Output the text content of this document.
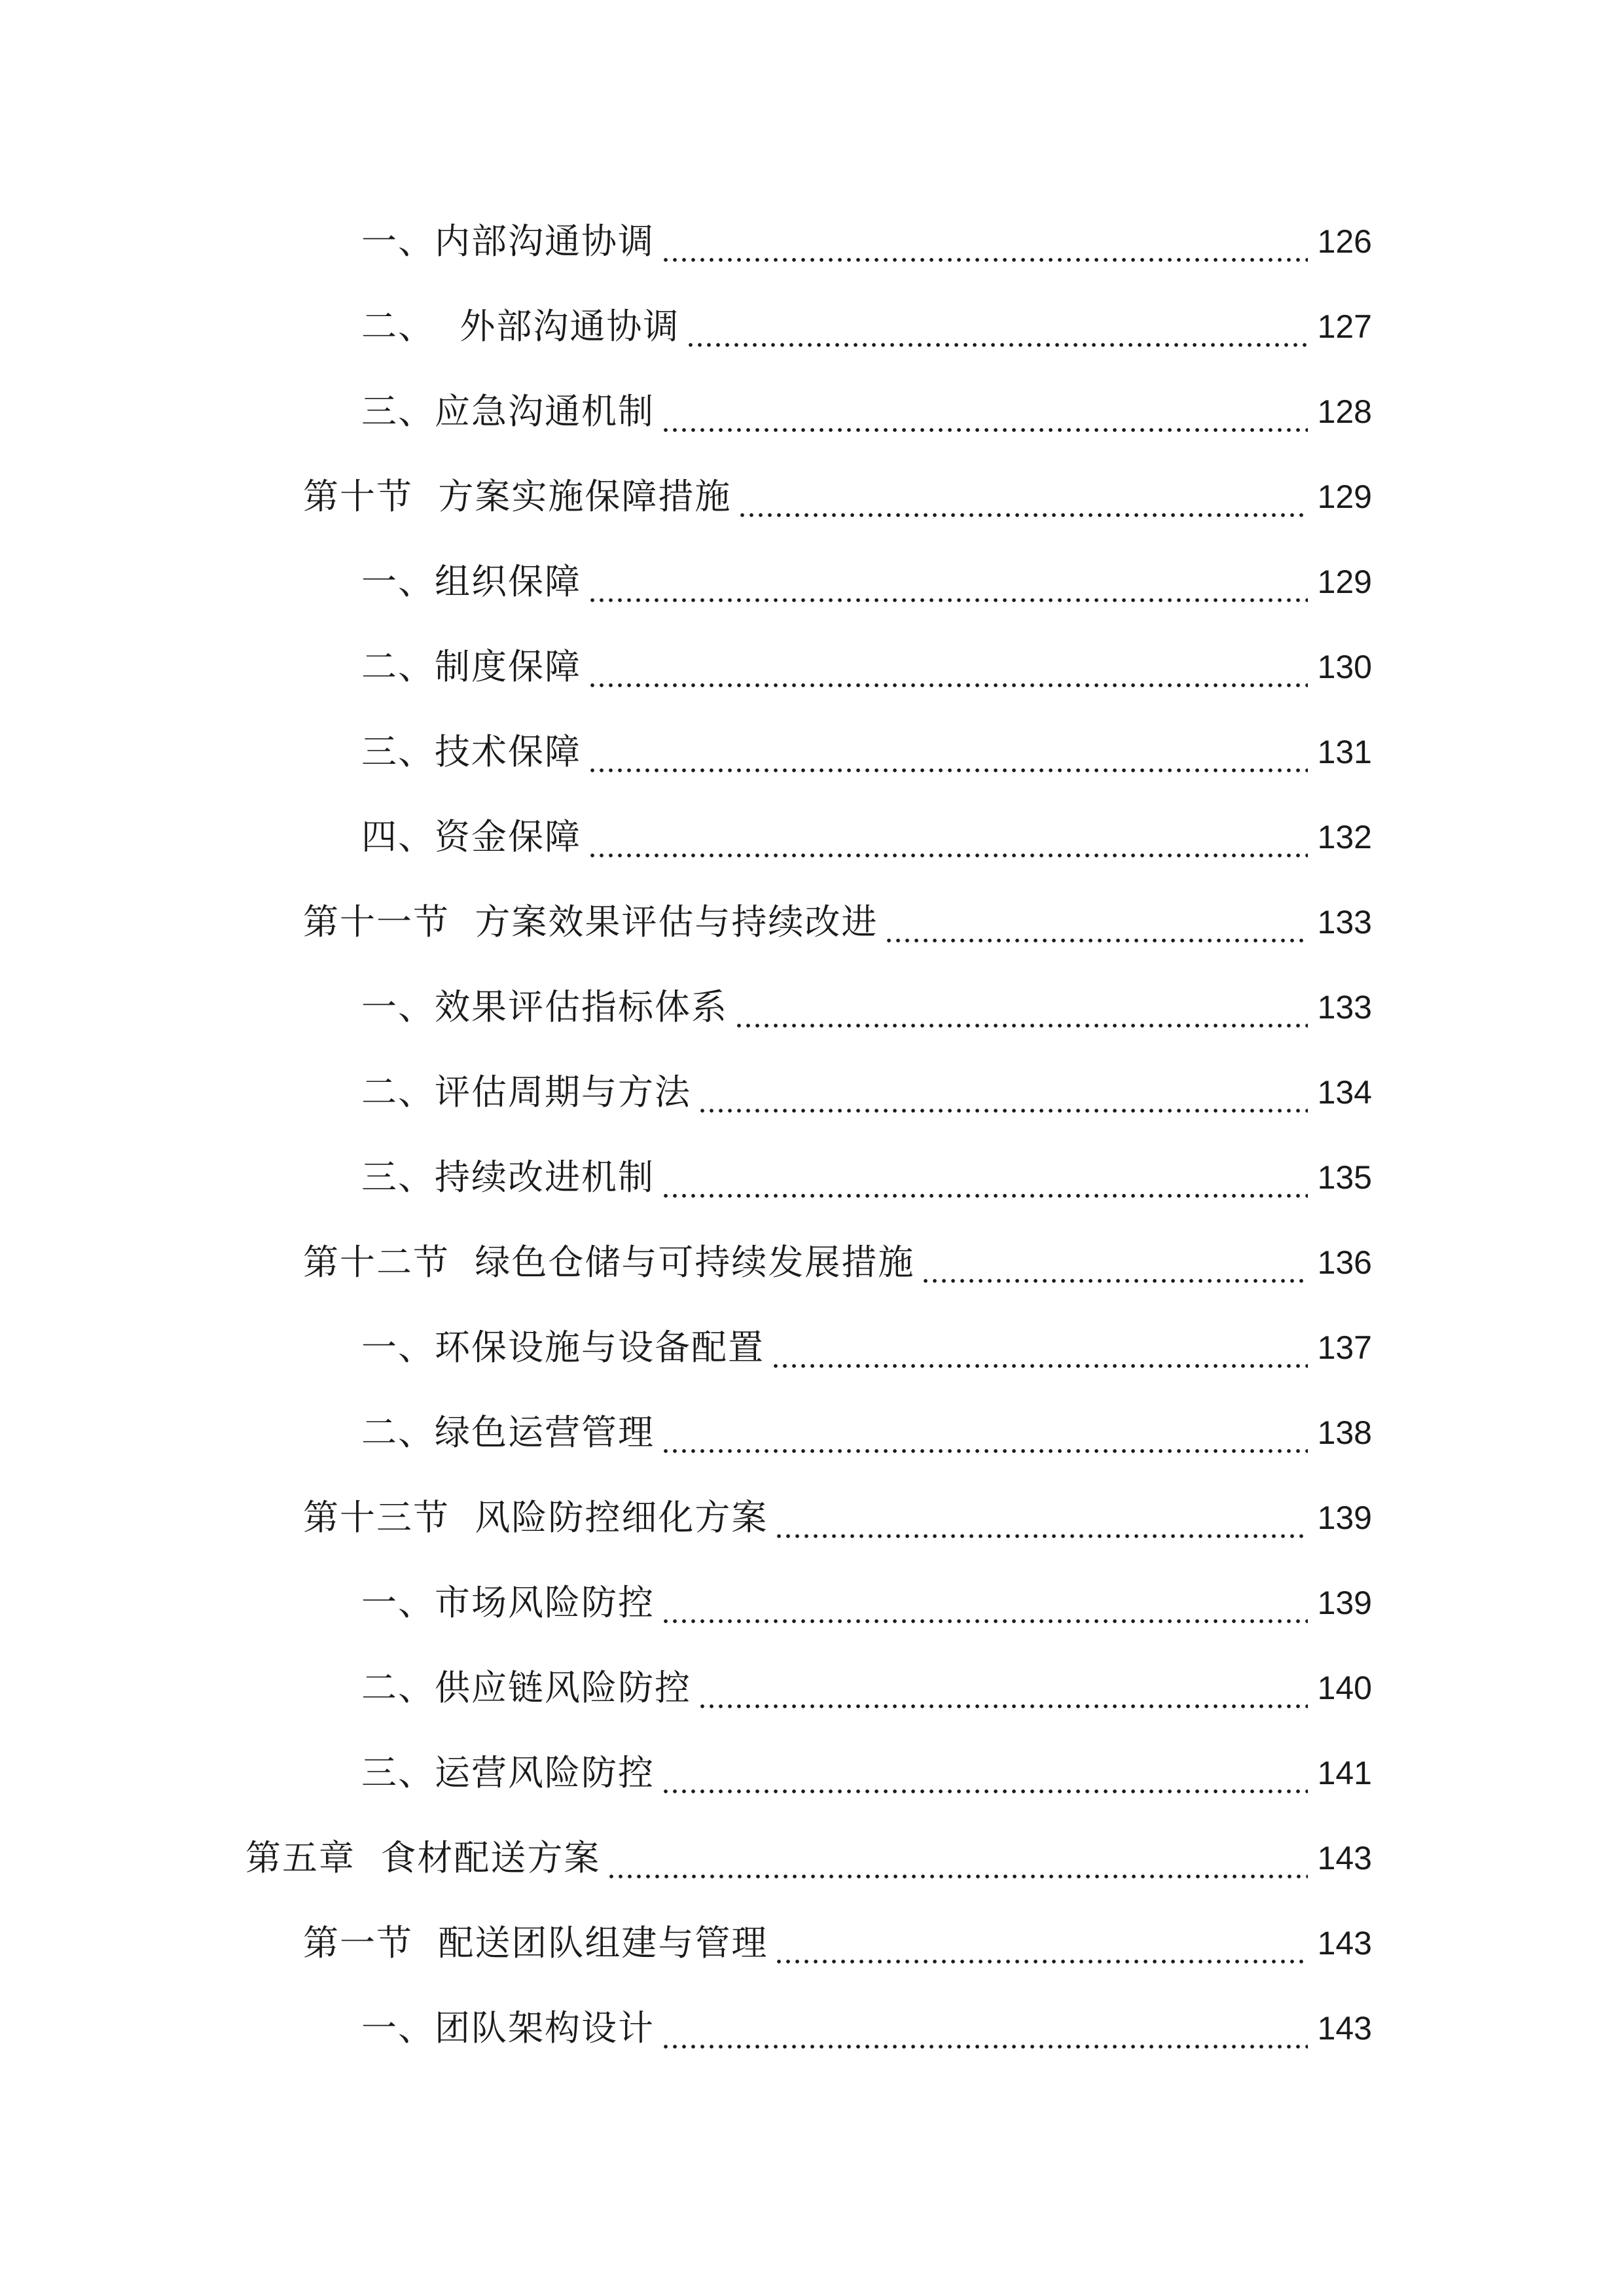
一、内部沟通协调	126
二、  外部沟通协调	127
三、应急沟通机制	128
第十节  方案实施保障措施	129
一、组织保障	129
二、制度保障	130
三、技术保障	131
四、资金保障	132
第十一节  方案效果评估与持续改进	133
一、效果评估指标体系	133
二、评估周期与方法	134
三、持续改进机制	135
第十二节  绿色仓储与可持续发展措施	136
一、环保设施与设备配置	137
二、绿色运营管理	138
第十三节  风险防控细化方案	139
一、市场风险防控	139
二、供应链风险防控	140
三、运营风险防控	141
第五章  食材配送方案	143
第一节  配送团队组建与管理	143
一、团队架构设计	143
